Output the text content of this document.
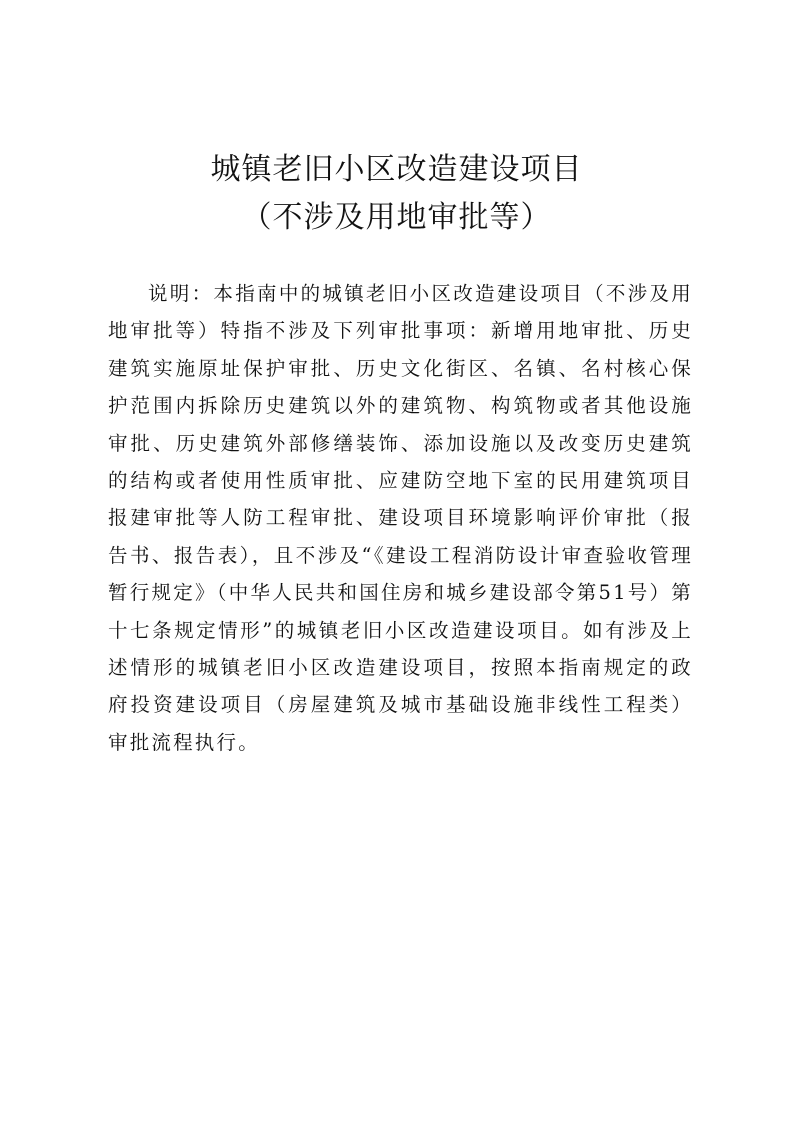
城镇老旧小区改造建设项目
（不涉及用地审批等）

说明：本指南中的城镇老旧小区改造建设项目（不涉及用地审批等）特指不涉及下列审批事项：新增用地审批、历史建筑实施原址保护审批、历史文化街区、名镇、名村核心保护范围内拆除历史建筑以外的建筑物、构筑物或者其他设施审批、历史建筑外部修缮装饰、添加设施以及改变历史建筑的结构或者使用性质审批、应建防空地下室的民用建筑项目报建审批等人防工程审批、建设项目环境影响评价审批（报告书、报告表），且不涉及“《建设工程消防设计审查验收管理暂行规定》（中华人民共和国住房和城乡建设部令第51号）第十七条规定情形”的城镇老旧小区改造建设项目。如有涉及上述情形的城镇老旧小区改造建设项目，按照本指南规定的政府投资建设项目（房屋建筑及城市基础设施非线性工程类）审批流程执行。
